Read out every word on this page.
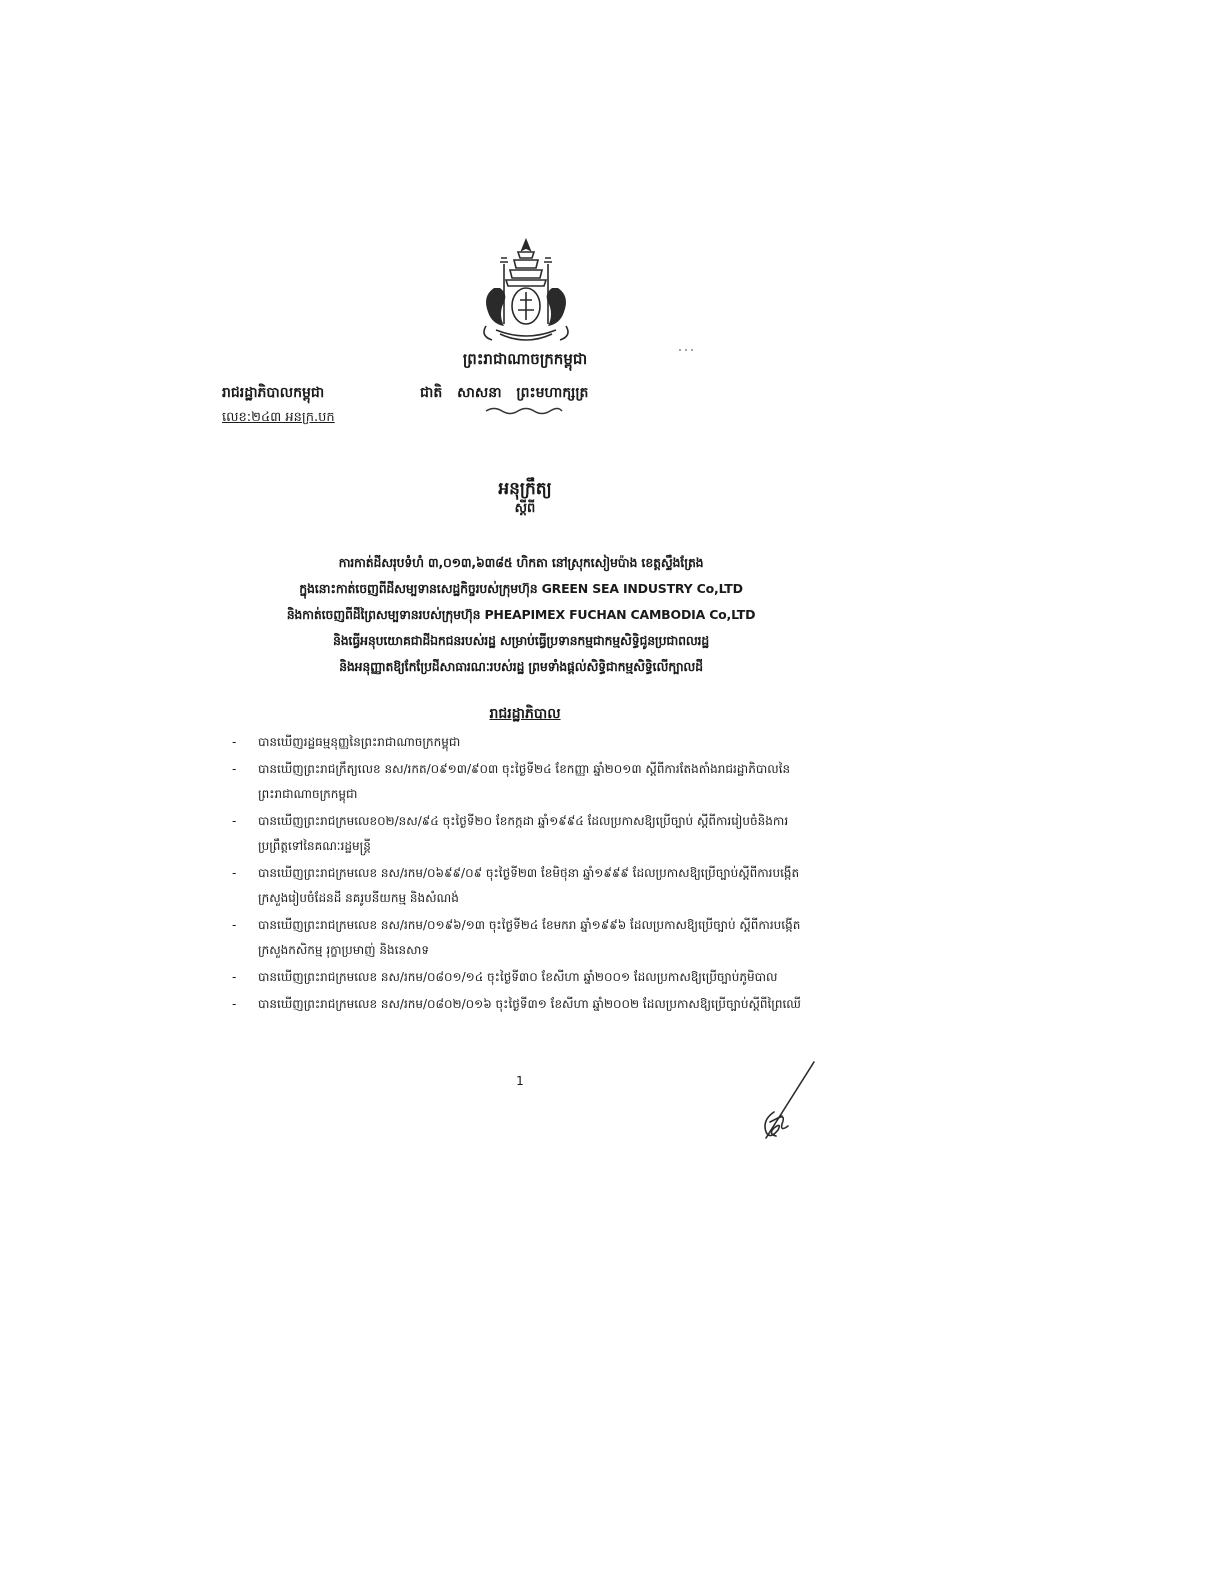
ព្រះរាជាណាចក្រកម្ពុជា
ជាតិ សាសនា ព្រះមហាក្សត្រ
រាជរដ្ឋាភិបាលកម្ពុជា
លេខ:២៤៣ អនក្រ.បក
អនុក្រឹត្យ
ស្តីពី
ការកាត់ដីសរុបទំហំ ៣,០១៣,៦៣៨៥ ហិកតា នៅស្រុកសៀមប៉ាង ខេត្តស្ទឹងត្រែង
ក្នុងនោះកាត់ចេញពីដីសម្បទានសេដ្ឋកិច្ចរបស់ក្រុមហ៊ុន GREEN SEA INDUSTRY Co,LTD
និងកាត់ចេញពីដីព្រៃសម្បទានរបស់ក្រុមហ៊ុន PHEAPIMEX FUCHAN CAMBODIA Co,LTD
និងធ្វើអនុបយោគជាដីឯកជនរបស់រដ្ឋ សម្រាប់ធ្វើប្រទានកម្មជាកម្មសិទ្ធិជូនប្រជាពលរដ្ឋ
និងអនុញ្ញាតឱ្យកែប្រែដីសាធារណៈរបស់រដ្ឋ ព្រមទាំងផ្តល់សិទ្ធិជាកម្មសិទ្ធិលើក្បាលដី
រាជរដ្ឋាភិបាល
- បានឃើញរដ្ឋធម្មនុញ្ញនៃព្រះរាជាណាចក្រកម្ពុជា
- បានឃើញព្រះរាជក្រឹត្យលេខ នស/រកត/០៩១៣/៩០៣ ចុះថ្ងៃទី២៤ ខែកញ្ញា ឆ្នាំ២០១៣ ស្តីពីការតែងតាំងរាជរដ្ឋាភិបាលនៃព្រះរាជាណាចក្រកម្ពុជា
- បានឃើញព្រះរាជក្រមលេខ០២/នស/៩៤ ចុះថ្ងៃទី២០ ខែកក្កដា ឆ្នាំ១៩៩៤ ដែលប្រកាសឱ្យប្រើច្បាប់ ស្តីពីការរៀបចំនិងការប្រព្រឹត្តទៅនៃគណៈរដ្ឋមន្ត្រី
- បានឃើញព្រះរាជក្រមលេខ នស/រកម/០៦៩៩/០៩ ចុះថ្ងៃទី២៣ ខែមិថុនា ឆ្នាំ១៩៩៩ ដែលប្រកាសឱ្យប្រើច្បាប់ស្តីពីការបង្កើតក្រសួងរៀបចំដែនដី នគរូបនីយកម្ម និងសំណង់
- បានឃើញព្រះរាជក្រមលេខ នស/រកម/០១៩៦/១៣ ចុះថ្ងៃទី២៤ ខែមករា ឆ្នាំ១៩៩៦ ដែលប្រកាសឱ្យប្រើច្បាប់ ស្តីពីការបង្កើតក្រសួងកសិកម្ម រុក្ខាប្រមាញ់ និងនេសាទ
- បានឃើញព្រះរាជក្រមលេខ នស/រកម/០៨០១/១៤ ចុះថ្ងៃទី៣០ ខែសីហា ឆ្នាំ២០០១ ដែលប្រកាសឱ្យប្រើច្បាប់ភូមិបាល
- បានឃើញព្រះរាជក្រមលេខ នស/រកម/០៨០២/០១៦ ចុះថ្ងៃទី៣១ ខែសីហា ឆ្នាំ២០០២ ដែលប្រកាសឱ្យប្រើច្បាប់ស្តីពីព្រៃឈើ
1
